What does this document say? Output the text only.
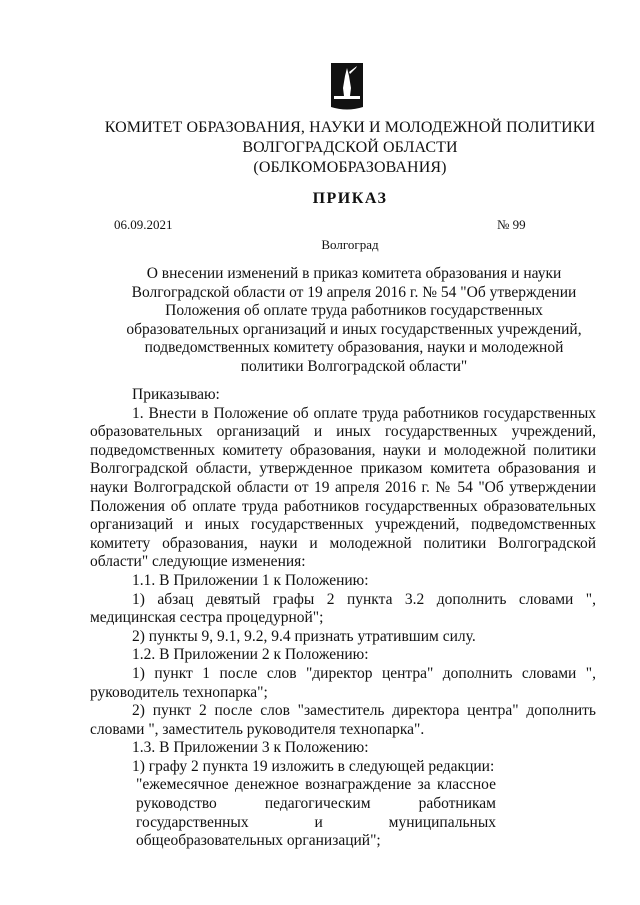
КОМИТЕТ ОБРАЗОВАНИЯ, НАУКИ И МОЛОДЕЖНОЙ ПОЛИТИКИ
ВОЛГОГРАДСКОЙ ОБЛАСТИ
(ОБЛКОМОБРАЗОВАНИЯ)
ПРИКАЗ
06.09.2021	№ 99
Волгоград
О внесении изменений в приказ комитета образования и науки Волгоградской области от 19 апреля 2016 г. № 54 "Об утверждении Положения об оплате труда работников государственных образовательных организаций и иных государственных учреждений, подведомственных комитету образования, науки и молодежной политики Волгоградской области"

Приказываю:

1. Внести в Положение об оплате труда работников государственных образовательных организаций и иных государственных учреждений, подведомственных комитету образования, науки и молодежной политики Волгоградской области, утвержденное приказом комитета образования и науки Волгоградской области от 19 апреля 2016 г. № 54 "Об утверждении Положения об оплате труда работников государственных образовательных организаций и иных государственных учреждений, подведомственных комитету образования, науки и молодежной политики Волгоградской области" следующие изменения:

1.1. В Приложении 1 к Положению:

1) абзац девятый графы 2 пункта 3.2 дополнить словами ", медицинская сестра процедурной";

2) пункты 9, 9.1, 9.2, 9.4 признать утратившим силу.

1.2. В Приложении 2 к Положению:

1) пункт 1 после слов "директор центра" дополнить словами ", руководитель технопарка";

2) пункт 2 после слов "заместитель директора центра" дополнить словами ", заместитель руководителя технопарка".

1.3. В Приложении 3 к Положению:

1) графу 2 пункта 19 изложить в следующей редакции:

"ежемесячное денежное вознаграждение за классное

руководство педагогическим работникам

государственных и муниципальных

общеобразовательных организаций";
